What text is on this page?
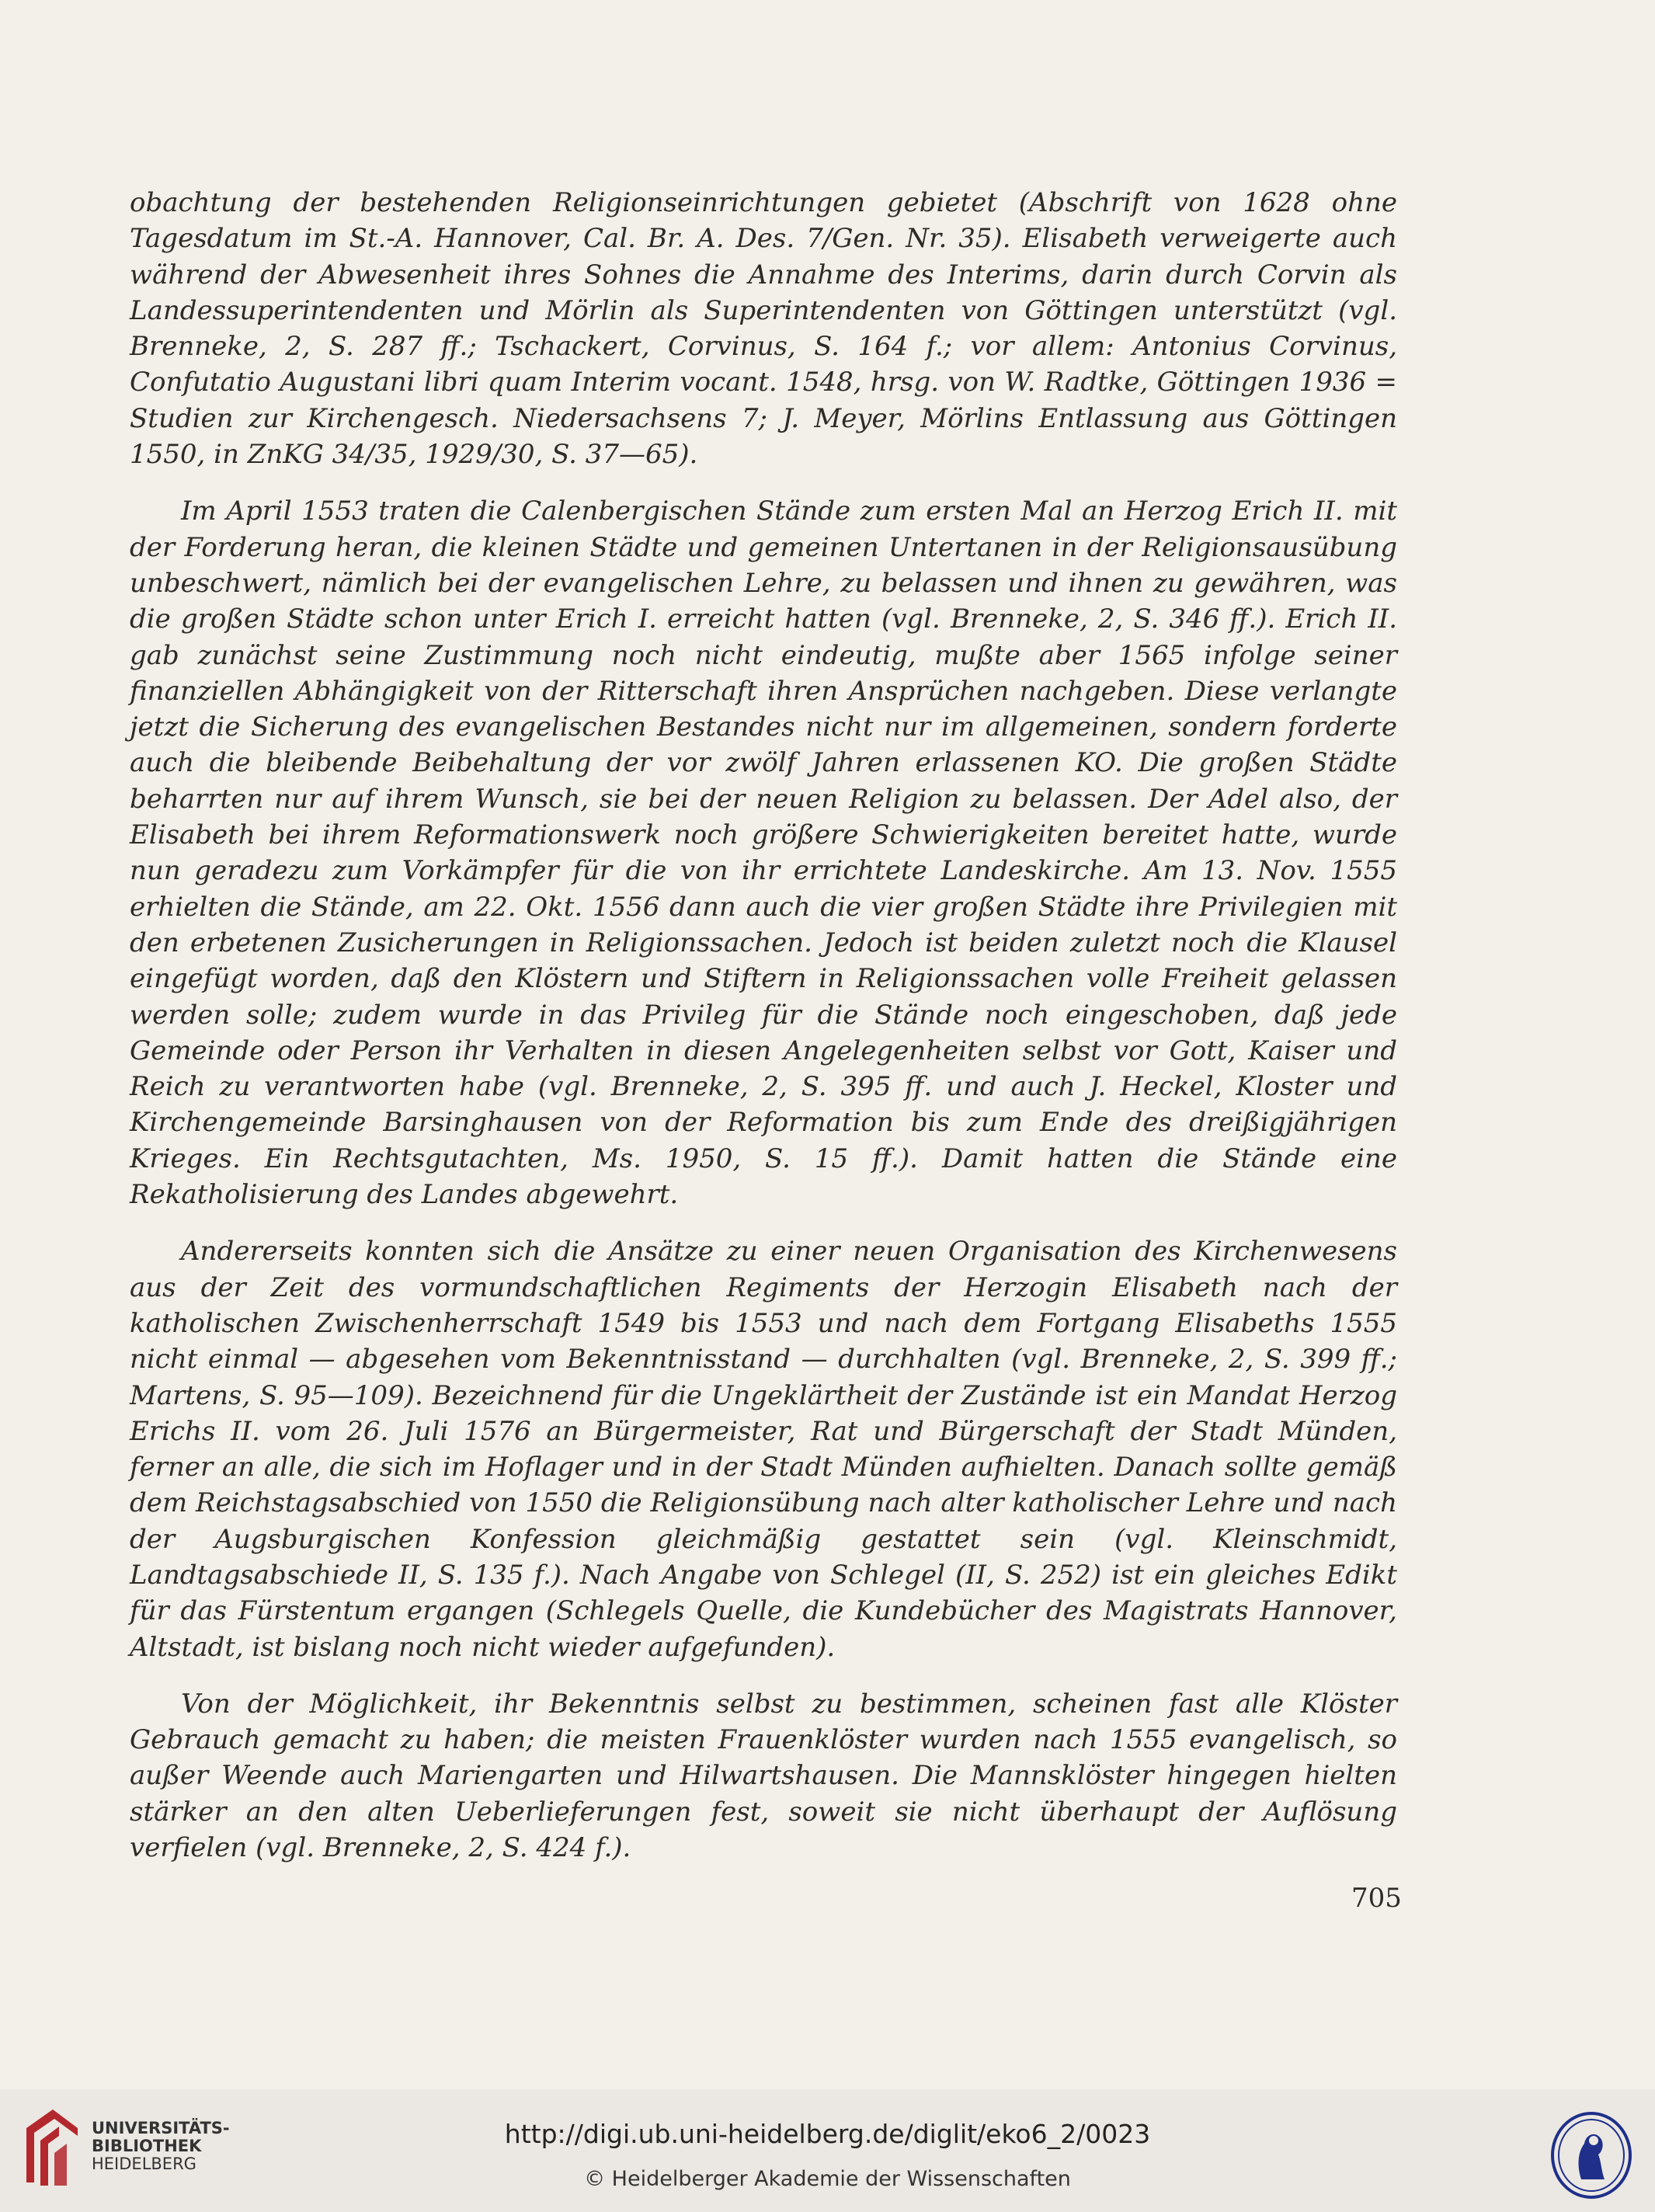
obachtung der bestehenden Religionseinrichtungen gebietet (Abschrift von 1628 ohne Tagesdatum im St.-A. Hannover, Cal. Br. A. Des. 7/Gen. Nr. 35). Elisabeth verweigerte auch während der Abwesenheit ihres Sohnes die Annahme des Interims, darin durch Corvin als Landessuperintendenten und Mörlin als Superintendenten von Göttingen unterstützt (vgl. Brenneke, 2, S. 287 ff.; Tschackert, Corvinus, S. 164 f.; vor allem: Antonius Corvinus, Confutatio Augustani libri quam Interim vocant. 1548, hrsg. von W. Radtke, Göttingen 1936 = Studien zur Kirchengesch. Niedersachsens 7; J. Meyer, Mörlins Entlassung aus Göttingen 1550, in ZnKG 34/35, 1929/30, S. 37—65).

Im April 1553 traten die Calenbergischen Stände zum ersten Mal an Herzog Erich II. mit der Forderung heran, die kleinen Städte und gemeinen Untertanen in der Religionsausübung unbeschwert, nämlich bei der evangelischen Lehre, zu belassen und ihnen zu gewähren, was die großen Städte schon unter Erich I. erreicht hatten (vgl. Brenneke, 2, S. 346 ff.). Erich II. gab zunächst seine Zustimmung noch nicht eindeutig, mußte aber 1565 infolge seiner finanziellen Abhängigkeit von der Ritterschaft ihren Ansprüchen nachgeben. Diese verlangte jetzt die Sicherung des evangelischen Bestandes nicht nur im allgemeinen, sondern forderte auch die bleibende Beibehaltung der vor zwölf Jahren erlassenen KO. Die großen Städte beharrten nur auf ihrem Wunsch, sie bei der neuen Religion zu belassen. Der Adel also, der Elisabeth bei ihrem Reformationswerk noch größere Schwierigkeiten bereitet hatte, wurde nun geradezu zum Vorkämpfer für die von ihr errichtete Landeskirche. Am 13. Nov. 1555 erhielten die Stände, am 22. Okt. 1556 dann auch die vier großen Städte ihre Privilegien mit den erbetenen Zusicherungen in Religionssachen. Jedoch ist beiden zuletzt noch die Klausel eingefügt worden, daß den Klöstern und Stiftern in Religionssachen volle Freiheit gelassen werden solle; zudem wurde in das Privileg für die Stände noch eingeschoben, daß jede Gemeinde oder Person ihr Verhalten in diesen Angelegenheiten selbst vor Gott, Kaiser und Reich zu verantworten habe (vgl. Brenneke, 2, S. 395 ff. und auch J. Heckel, Kloster und Kirchengemeinde Barsinghausen von der Reformation bis zum Ende des dreißigjährigen Krieges. Ein Rechtsgutachten, Ms. 1950, S. 15 ff.). Damit hatten die Stände eine Rekatholisierung des Landes abgewehrt.

Andererseits konnten sich die Ansätze zu einer neuen Organisation des Kirchenwesens aus der Zeit des vormundschaftlichen Regiments der Herzogin Elisabeth nach der katholischen Zwischenherrschaft 1549 bis 1553 und nach dem Fortgang Elisabeths 1555 nicht einmal — abgesehen vom Bekenntnisstand — durchhalten (vgl. Brenneke, 2, S. 399 ff.; Martens, S. 95—109). Bezeichnend für die Ungeklärtheit der Zustände ist ein Mandat Herzog Erichs II. vom 26. Juli 1576 an Bürgermeister, Rat und Bürgerschaft der Stadt Münden, ferner an alle, die sich im Hoflager und in der Stadt Münden aufhielten. Danach sollte gemäß dem Reichstagsabschied von 1550 die Religionsübung nach alter katholischer Lehre und nach der Augsburgischen Konfession gleichmäßig gestattet sein (vgl. Kleinschmidt, Landtagsabschiede II, S. 135 f.). Nach Angabe von Schlegel (II, S. 252) ist ein gleiches Edikt für das Fürstentum ergangen (Schlegels Quelle, die Kundebücher des Magistrats Hannover, Altstadt, ist bislang noch nicht wieder aufgefunden).

Von der Möglichkeit, ihr Bekenntnis selbst zu bestimmen, scheinen fast alle Klöster Gebrauch gemacht zu haben; die meisten Frauenklöster wurden nach 1555 evangelisch, so außer Weende auch Mariengarten und Hilwartshausen. Die Mannsklöster hingegen hielten stärker an den alten Ueberlieferungen fest, soweit sie nicht überhaupt der Auflösung verfielen (vgl. Brenneke, 2, S. 424 f.).

705
UNIVERSITÄTS-
BIBLIOTHEK
HEIDELBERG
http://digi.ub.uni-heidelberg.de/diglit/eko6_2/0023
© Heidelberger Akademie der Wissenschaften
